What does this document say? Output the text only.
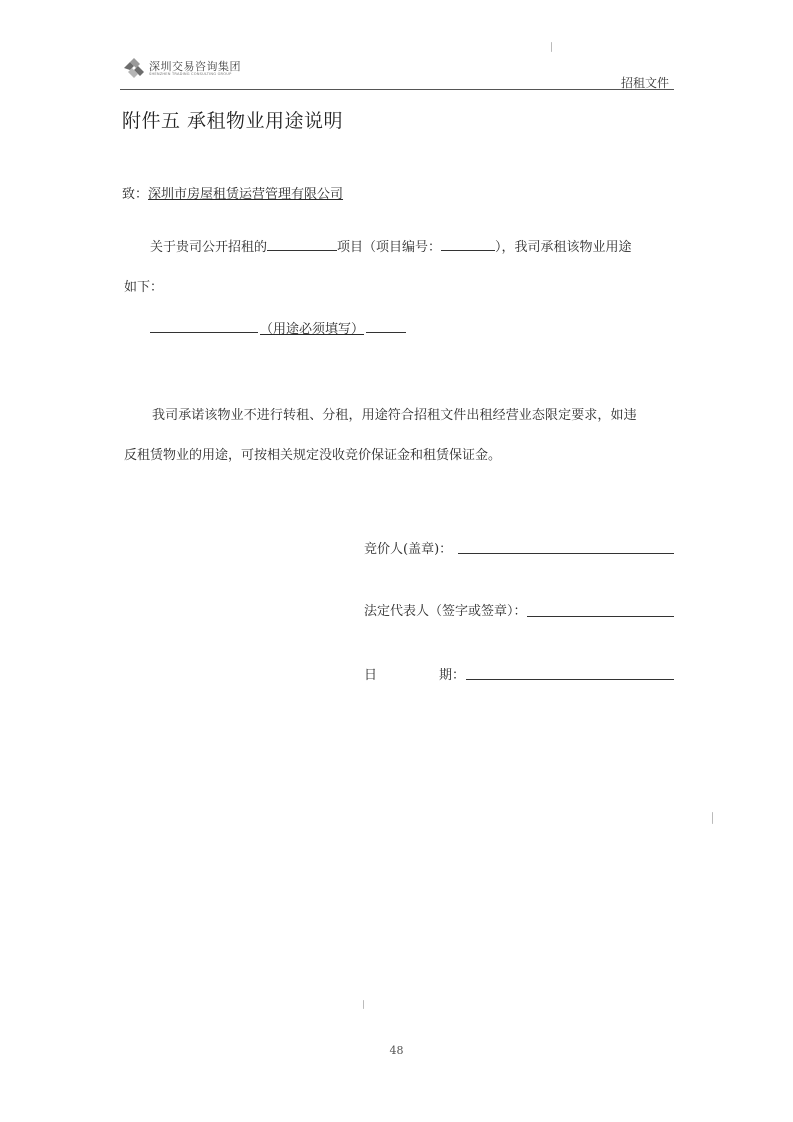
深圳交易咨询集团
SHENZHEN TRADING CONSULTING GROUP
招租文件
附件五 承租物业用途说明
致：深圳市房屋租赁运营管理有限公司
关于贵司公开招租的	项目（项目编号：	），我司承租该物业用途
如下：
（用途必须填写）
我司承诺该物业不进行转租、分租，用途符合招租文件出租经营业态限定要求，如违
反租赁物业的用途，可按相关规定没收竞价保证金和租赁保证金。
竞价人(盖章)：
法定代表人（签字或签章）：
日	期：
48
